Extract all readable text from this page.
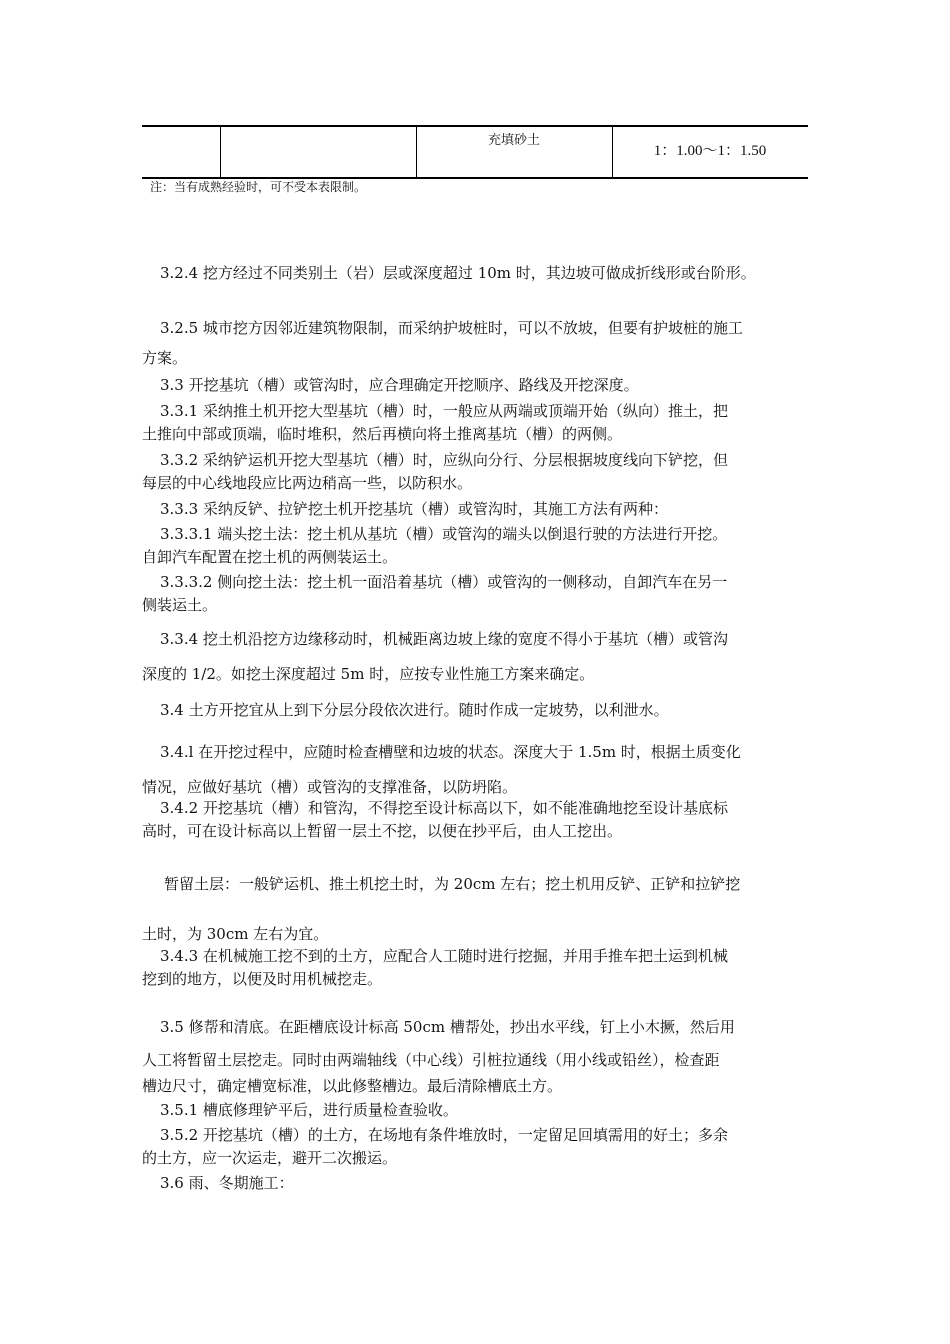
充填砂土
1：1.00～1：1.50
注：当有成熟经验时，可不受本表限制。
3.2.4 挖方经过不同类别土（岩）层或深度超过 10m 时，其边坡可做成折线形或台阶形。
3.2.5 城市挖方因邻近建筑物限制，而采纳护坡桩时，可以不放坡，但要有护坡桩的施工
方案。
3.3 开挖基坑（槽）或管沟时，应合理确定开挖顺序、路线及开挖深度。
3.3.1 采纳推土机开挖大型基坑（槽）时，一般应从两端或顶端开始（纵向）推土，把
土推向中部或顶端，临时堆积，然后再横向将土推离基坑（槽）的两侧。
3.3.2 采纳铲运机开挖大型基坑（槽）时，应纵向分行、分层根据坡度线向下铲挖，但
每层的中心线地段应比两边稍高一些，以防积水。
3.3.3 采纳反铲、拉铲挖土机开挖基坑（槽）或管沟时，其施工方法有两种：
3.3.3.1 端头挖土法：挖土机从基坑（槽）或管沟的端头以倒退行驶的方法进行开挖。
自卸汽车配置在挖土机的两侧装运土。
3.3.3.2 侧向挖土法：挖土机一面沿着基坑（槽）或管沟的一侧移动，自卸汽车在另一
侧装运土。
3.3.4 挖土机沿挖方边缘移动时，机械距离边坡上缘的宽度不得小于基坑（槽）或管沟
深度的 1/2。如挖土深度超过 5m 时，应按专业性施工方案来确定。
3.4 土方开挖宜从上到下分层分段依次进行。随时作成一定坡势，以利泄水。
3.4.l 在开挖过程中，应随时检查槽壁和边坡的状态。深度大于 1.5m 时，根据土质变化
情况，应做好基坑（槽）或管沟的支撑准备，以防坍陷。
3.4.2 开挖基坑（槽）和管沟，不得挖至设计标高以下，如不能准确地挖至设计基底标
高时，可在设计标高以上暂留一层土不挖，以便在抄平后，由人工挖出。
暂留土层：一般铲运机、推土机挖土时，为 20cm 左右；挖土机用反铲、正铲和拉铲挖
土时，为 30cm 左右为宜。
3.4.3 在机械施工挖不到的土方，应配合人工随时进行挖掘，并用手推车把土运到机械
挖到的地方，以便及时用机械挖走。
3.5 修帮和清底。在距槽底设计标高 50cm 槽帮处，抄出水平线，钉上小木撅，然后用
人工将暂留土层挖走。同时由两端轴线（中心线）引桩拉通线（用小线或铅丝），检查距
槽边尺寸，确定槽宽标准，以此修整槽边。最后清除槽底土方。
3.5.1 槽底修理铲平后，进行质量检查验收。
3.5.2 开挖基坑（槽）的土方，在场地有条件堆放时，一定留足回填需用的好土；多余
的土方，应一次运走，避开二次搬运。
3.6 雨、冬期施工：
